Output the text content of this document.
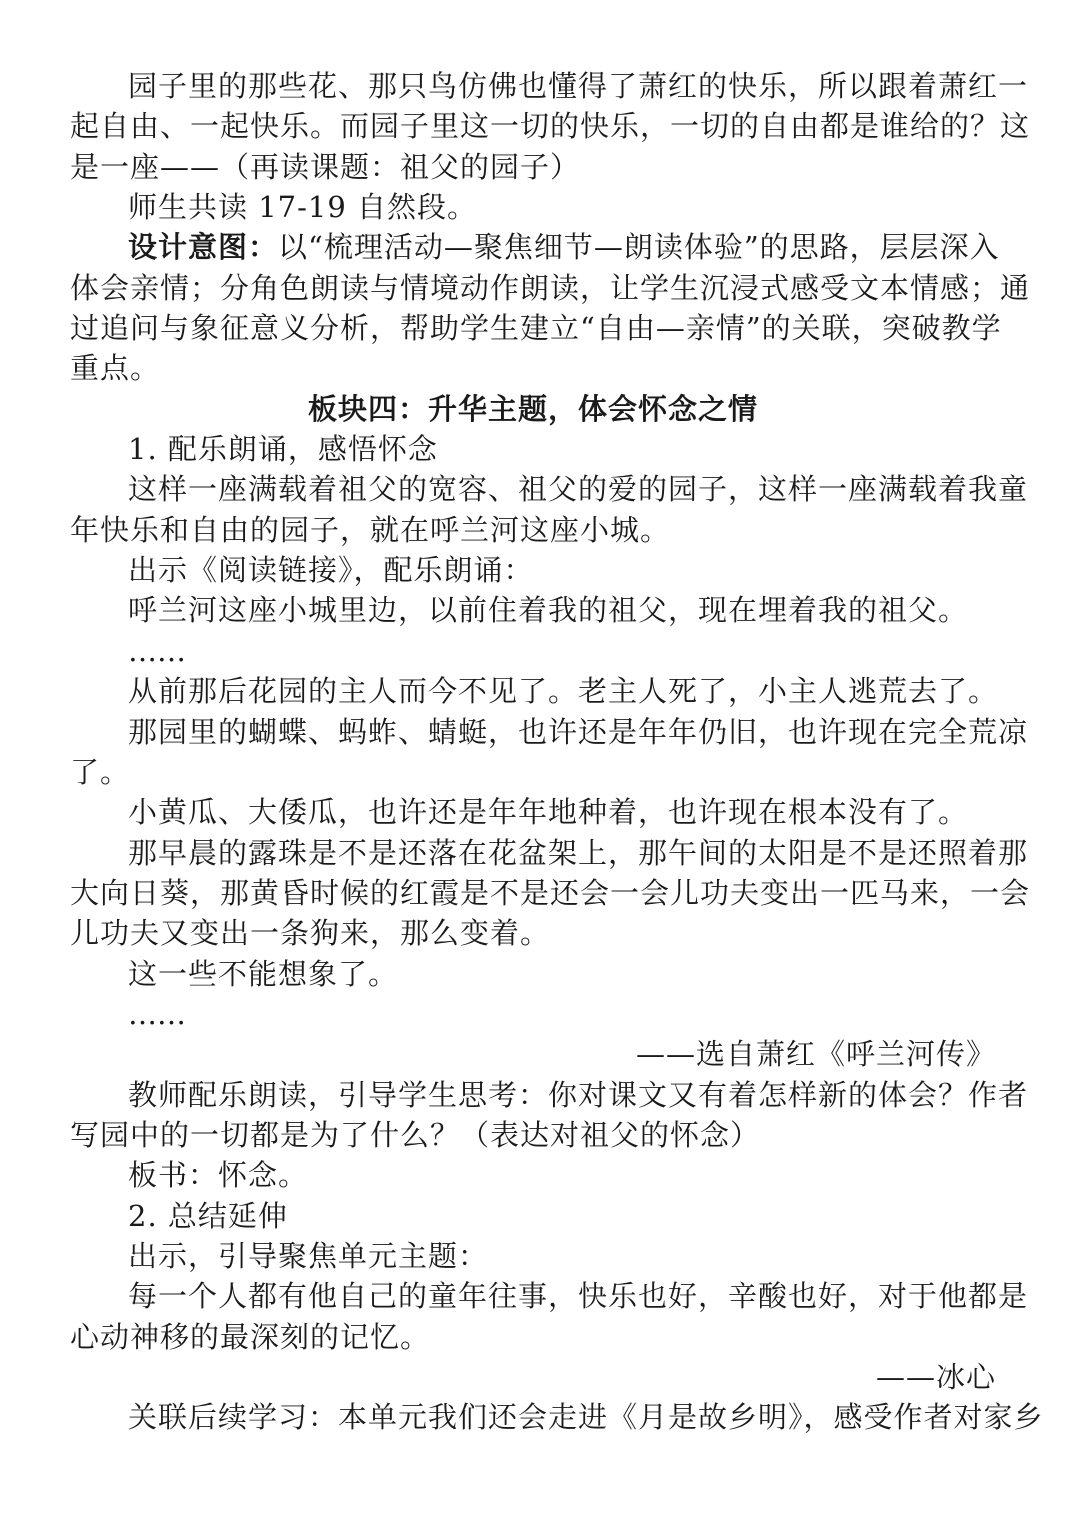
园子里的那些花、那只鸟仿佛也懂得了萧红的快乐，所以跟着萧红一
起自由、一起快乐。而园子里这一切的快乐，一切的自由都是谁给的？这
是一座——（再读课题：祖父的园子）
师生共读 17-19 自然段。
设计意图：以“梳理活动—聚焦细节—朗读体验”的思路，层层深入
体会亲情；分角色朗读与情境动作朗读，让学生沉浸式感受文本情感；通
过追问与象征意义分析，帮助学生建立“自由—亲情”的关联，突破教学
重点。
板块四：升华主题，体会怀念之情
1. 配乐朗诵，感悟怀念
这样一座满载着祖父的宽容、祖父的爱的园子，这样一座满载着我童
年快乐和自由的园子，就在呼兰河这座小城。
出示《阅读链接》，配乐朗诵：
呼兰河这座小城里边，以前住着我的祖父，现在埋着我的祖父。
……
从前那后花园的主人而今不见了。老主人死了，小主人逃荒去了。
那园里的蝴蝶、蚂蚱、蜻蜓，也许还是年年仍旧，也许现在完全荒凉
了。
小黄瓜、大倭瓜，也许还是年年地种着，也许现在根本没有了。
那早晨的露珠是不是还落在花盆架上，那午间的太阳是不是还照着那
大向日葵，那黄昏时候的红霞是不是还会一会儿功夫变出一匹马来，一会
儿功夫又变出一条狗来，那么变着。
这一些不能想象了。
……
——选自萧红《呼兰河传》
教师配乐朗读，引导学生思考：你对课文又有着怎样新的体会？作者
写园中的一切都是为了什么？（表达对祖父的怀念）
板书：怀念。
2. 总结延伸
出示，引导聚焦单元主题：
每一个人都有他自己的童年往事，快乐也好，辛酸也好，对于他都是
心动神移的最深刻的记忆。
——冰心
关联后续学习：本单元我们还会走进《月是故乡明》，感受作者对家乡
